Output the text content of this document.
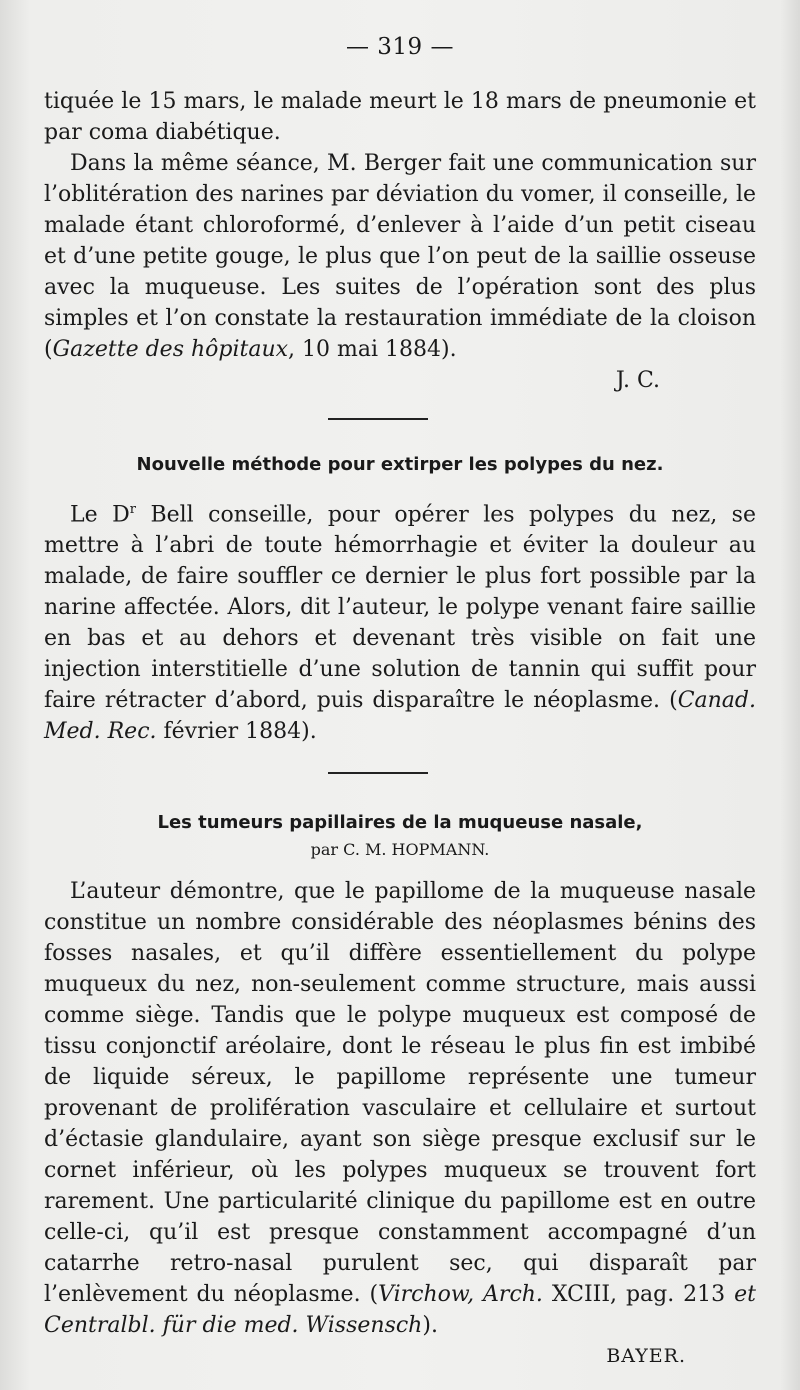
— 319 —

tiquée le 15 mars, le malade meurt le 18 mars de pneumonie et par coma diabétique.

Dans la même séance, M. Berger fait une communication sur l’oblitération des narines par déviation du vomer, il conseille, le malade étant chloroformé, d’enlever à l’aide d’un petit ciseau et d’une petite gouge, le plus que l’on peut de la saillie osseuse avec la muqueuse. Les suites de l’opération sont des plus simples et l’on constate la restauration immédiate de la cloison (Gazette des hôpitaux, 10 mai 1884).

J. C.
Nouvelle méthode pour extirper les polypes du nez.

Le $D^r$ Bell conseille, pour opérer les polypes du nez, se mettre à l’abri de toute hémorrhagie et éviter la douleur au malade, de faire souffler ce dernier le plus fort possible par la narine affectée. Alors, dit l’auteur, le polype venant faire saillie en bas et au dehors et devenant très visible on fait une injection interstitielle d’une solution de tannin qui suffit pour faire rétracter d’abord, puis disparaître le néoplasme. (Canad. Med. Rec. février 1884).

Les tumeurs papillaires de la muqueuse nasale,
par C. M. HOPMANN.

L’auteur démontre, que le papillome de la muqueuse nasale constitue un nombre considérable des néoplasmes bénins des fosses nasales, et qu’il diffère essentiellement du polype muqueux du nez, non-seulement comme structure, mais aussi comme siège. Tandis que le polype muqueux est composé de tissu conjonctif aréolaire, dont le réseau le plus fin est imbibé de liquide séreux, le papillome représente une tumeur provenant de prolifération vasculaire et cellulaire et surtout d’éctasie glandulaire, ayant son siège presque exclusif sur le cornet inférieur, où les polypes muqueux se trouvent fort rarement. Une particularité clinique du papillome est en outre celle-ci, qu’il est presque constamment accompagné d’un catarrhe retro-nasal purulent sec, qui disparaît par l’enlèvement du néoplasme. (Virchow, Arch. XCIII, pag. 213 et Centralbl. für die med. Wissensch).

BAYER.
